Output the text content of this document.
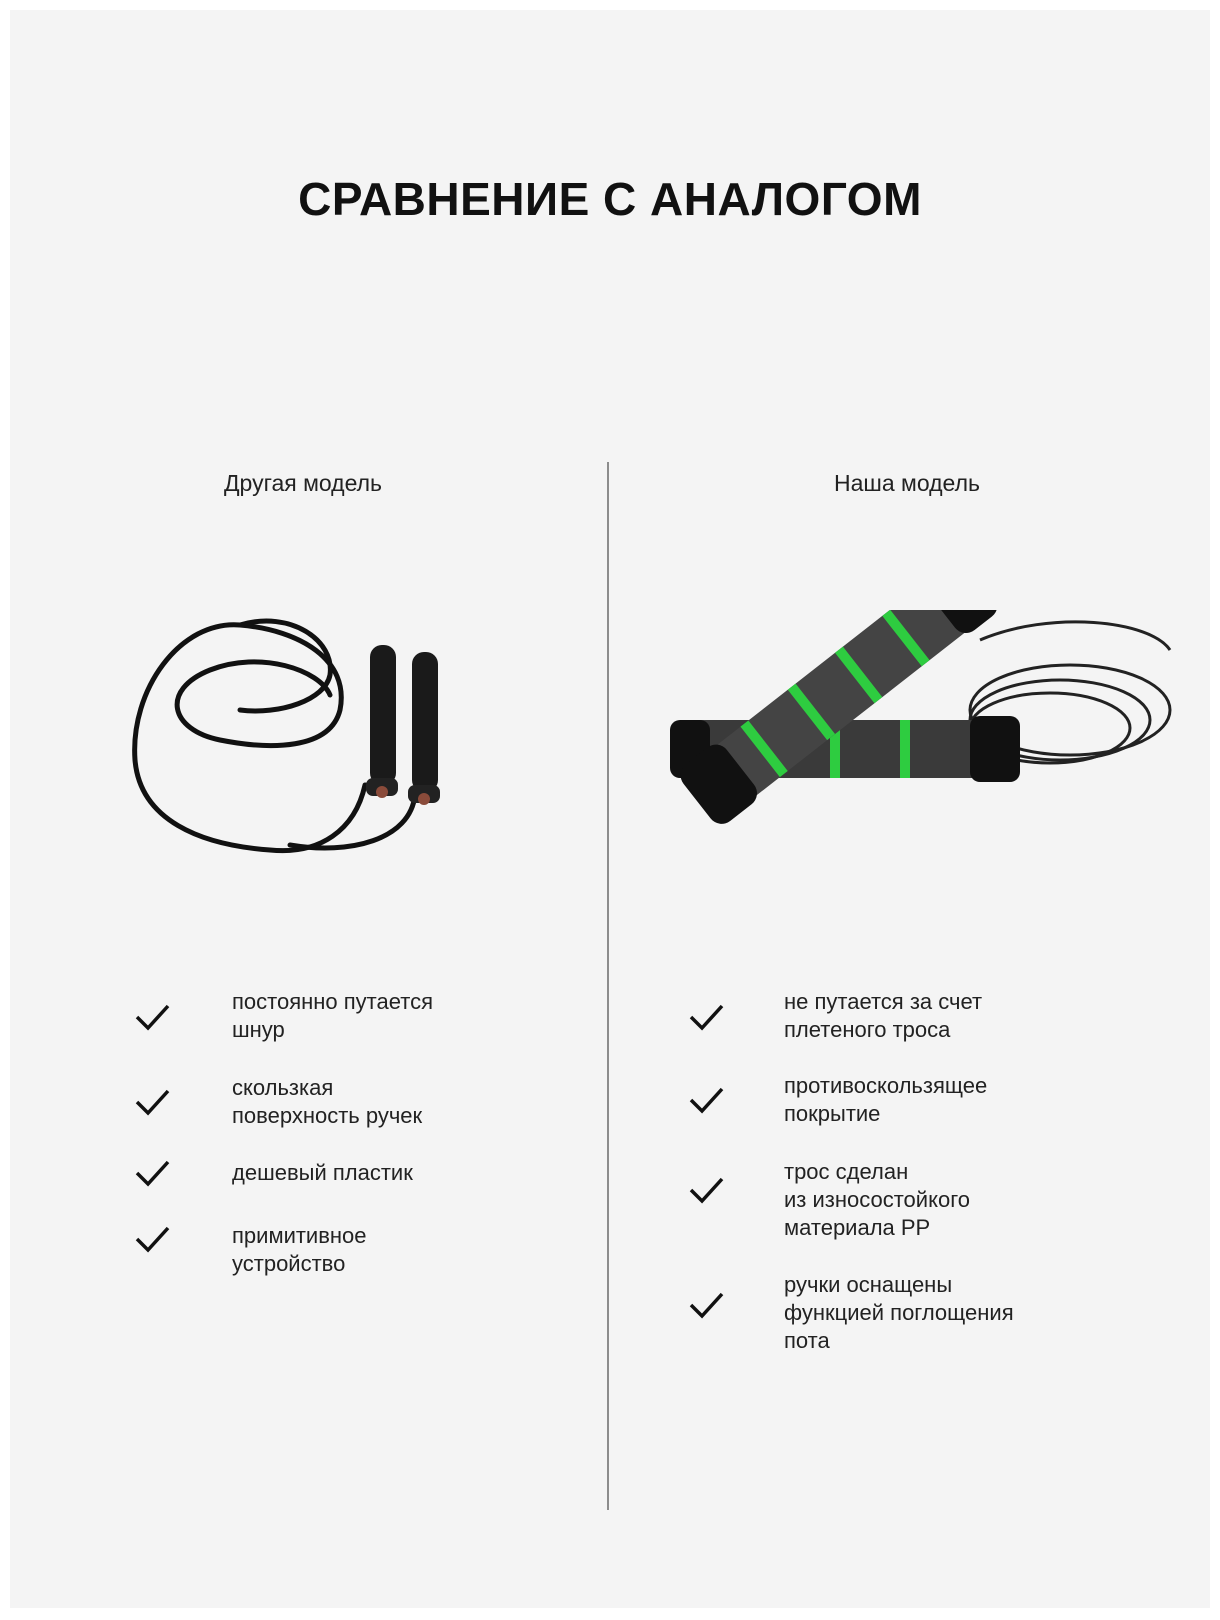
СРАВНЕНИЕ С АНАЛОГОМ
Другая модель	Наша модель
постоянно путается
шнур
скользкая
поверхность ручек
дешевый пластик
примитивное
устройство
не путается за счет
плетеного троса
противоскользящее
покрытие
трос сделан
из износостойкого
материала PP
ручки оснащены
функцией поглощения
пота
